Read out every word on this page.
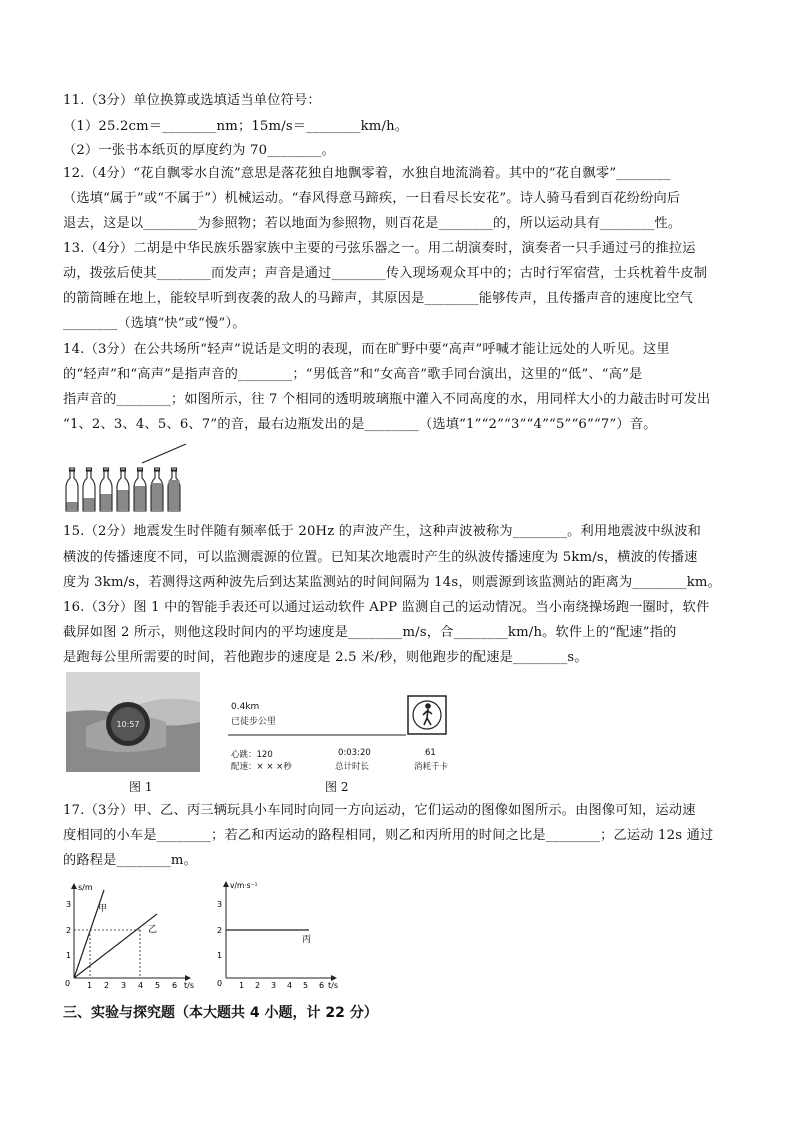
11.（3分）单位换算或选填适当单位符号：
（1）25.2cm＝________nm；15m/s＝________km/h。
（2）一张书本纸页的厚度约为 70________。
12.（4分）“花自飘零水自流”意思是落花独自地飘零着，水独自地流淌着。其中的“花自飘零”________
（选填“属于”或“不属于”）机械运动。“春风得意马蹄疾，一日看尽长安花”。诗人骑马看到百花纷纷向后
退去，这是以________为参照物；若以地面为参照物，则百花是________的，所以运动具有________性。
13.（4分）二胡是中华民族乐器家族中主要的弓弦乐器之一。用二胡演奏时，演奏者一只手通过弓的推拉运
动，拨弦后使其________而发声；声音是通过________传入现场观众耳中的；古时行军宿营，士兵枕着牛皮制
的箭筒睡在地上，能较早听到夜袭的敌人的马蹄声，其原因是________能够传声，且传播声音的速度比空气
________（选填“快”或“慢”）。
14.（3分）在公共场所“轻声”说话是文明的表现，而在旷野中要“高声”呼喊才能让远处的人听见。这里
的“轻声”和“高声”是指声音的________；“男低音”和“女高音”歌手同台演出，这里的“低”、“高”是
指声音的________；如图所示，往 7 个相同的透明玻璃瓶中灌入不同高度的水，用同样大小的力敲击时可发出
“1、2、3、4、5、6、7”的音，最右边瓶发出的是________（选填“1”“2”“3”“4”“5”“6”“7”）音。
15.（2分）地震发生时伴随有频率低于 20Hz 的声波产生，这种声波被称为________。利用地震波中纵波和
横波的传播速度不同，可以监测震源的位置。已知某次地震时产生的纵波传播速度为 5km/s，横波的传播速
度为 3km/s，若测得这两种波先后到达某监测站的时间间隔为 14s，则震源到该监测站的距离为________km。
16.（3分）图 1 中的智能手表还可以通过运动软件 APP 监测自己的运动情况。当小南绕操场跑一圈时，软件
截屏如图 2 所示，则他这段时间内的平均速度是________m/s，合________km/h。软件上的“配速”指的
是跑每公里所需要的时间，若他跑步的速度是 2.5 米/秒，则他跑步的配速是________s。
17.（3分）甲、乙、丙三辆玩具小车同时向同一方向运动，它们运动的图像如图所示。由图像可知，运动速
度相同的小车是________；若乙和丙运动的路程相同，则乙和丙所用的时间之比是________；乙运动 12s 通过
的路程是________m。
10:57
图 1
0.4km
已徒步公里
心跳：120
配速：× × ×秒
0:03:20
总计时长
61
消耗千卡
图 2
s/m
t/s
0
3
2
1
1 2 3 4 5 6
甲
乙
v/m·s⁻¹
t/s
0
3
2
1
1 2 3 4 5 6
丙
三、实验与探究题（本大题共 4 小题，计 22 分）
